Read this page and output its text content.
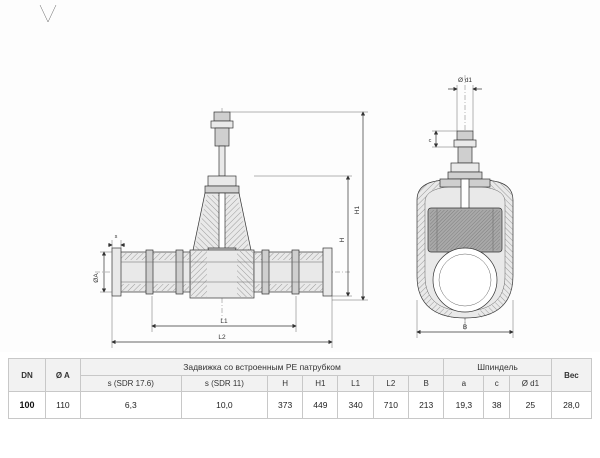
ØA
s	H
H1
L1
L2
Ø d1
c
B
DN	Ø A	Задвижка со встроенным РЕ патрубком							Шпиндель			Вес
		s (SDR 17.6)	s (SDR 11)	H	H1	L1	L2	B	a	c	Ø d1	
100	110	6,3	10,0	373	449	340	710	213	19,3	38	25	28,0
